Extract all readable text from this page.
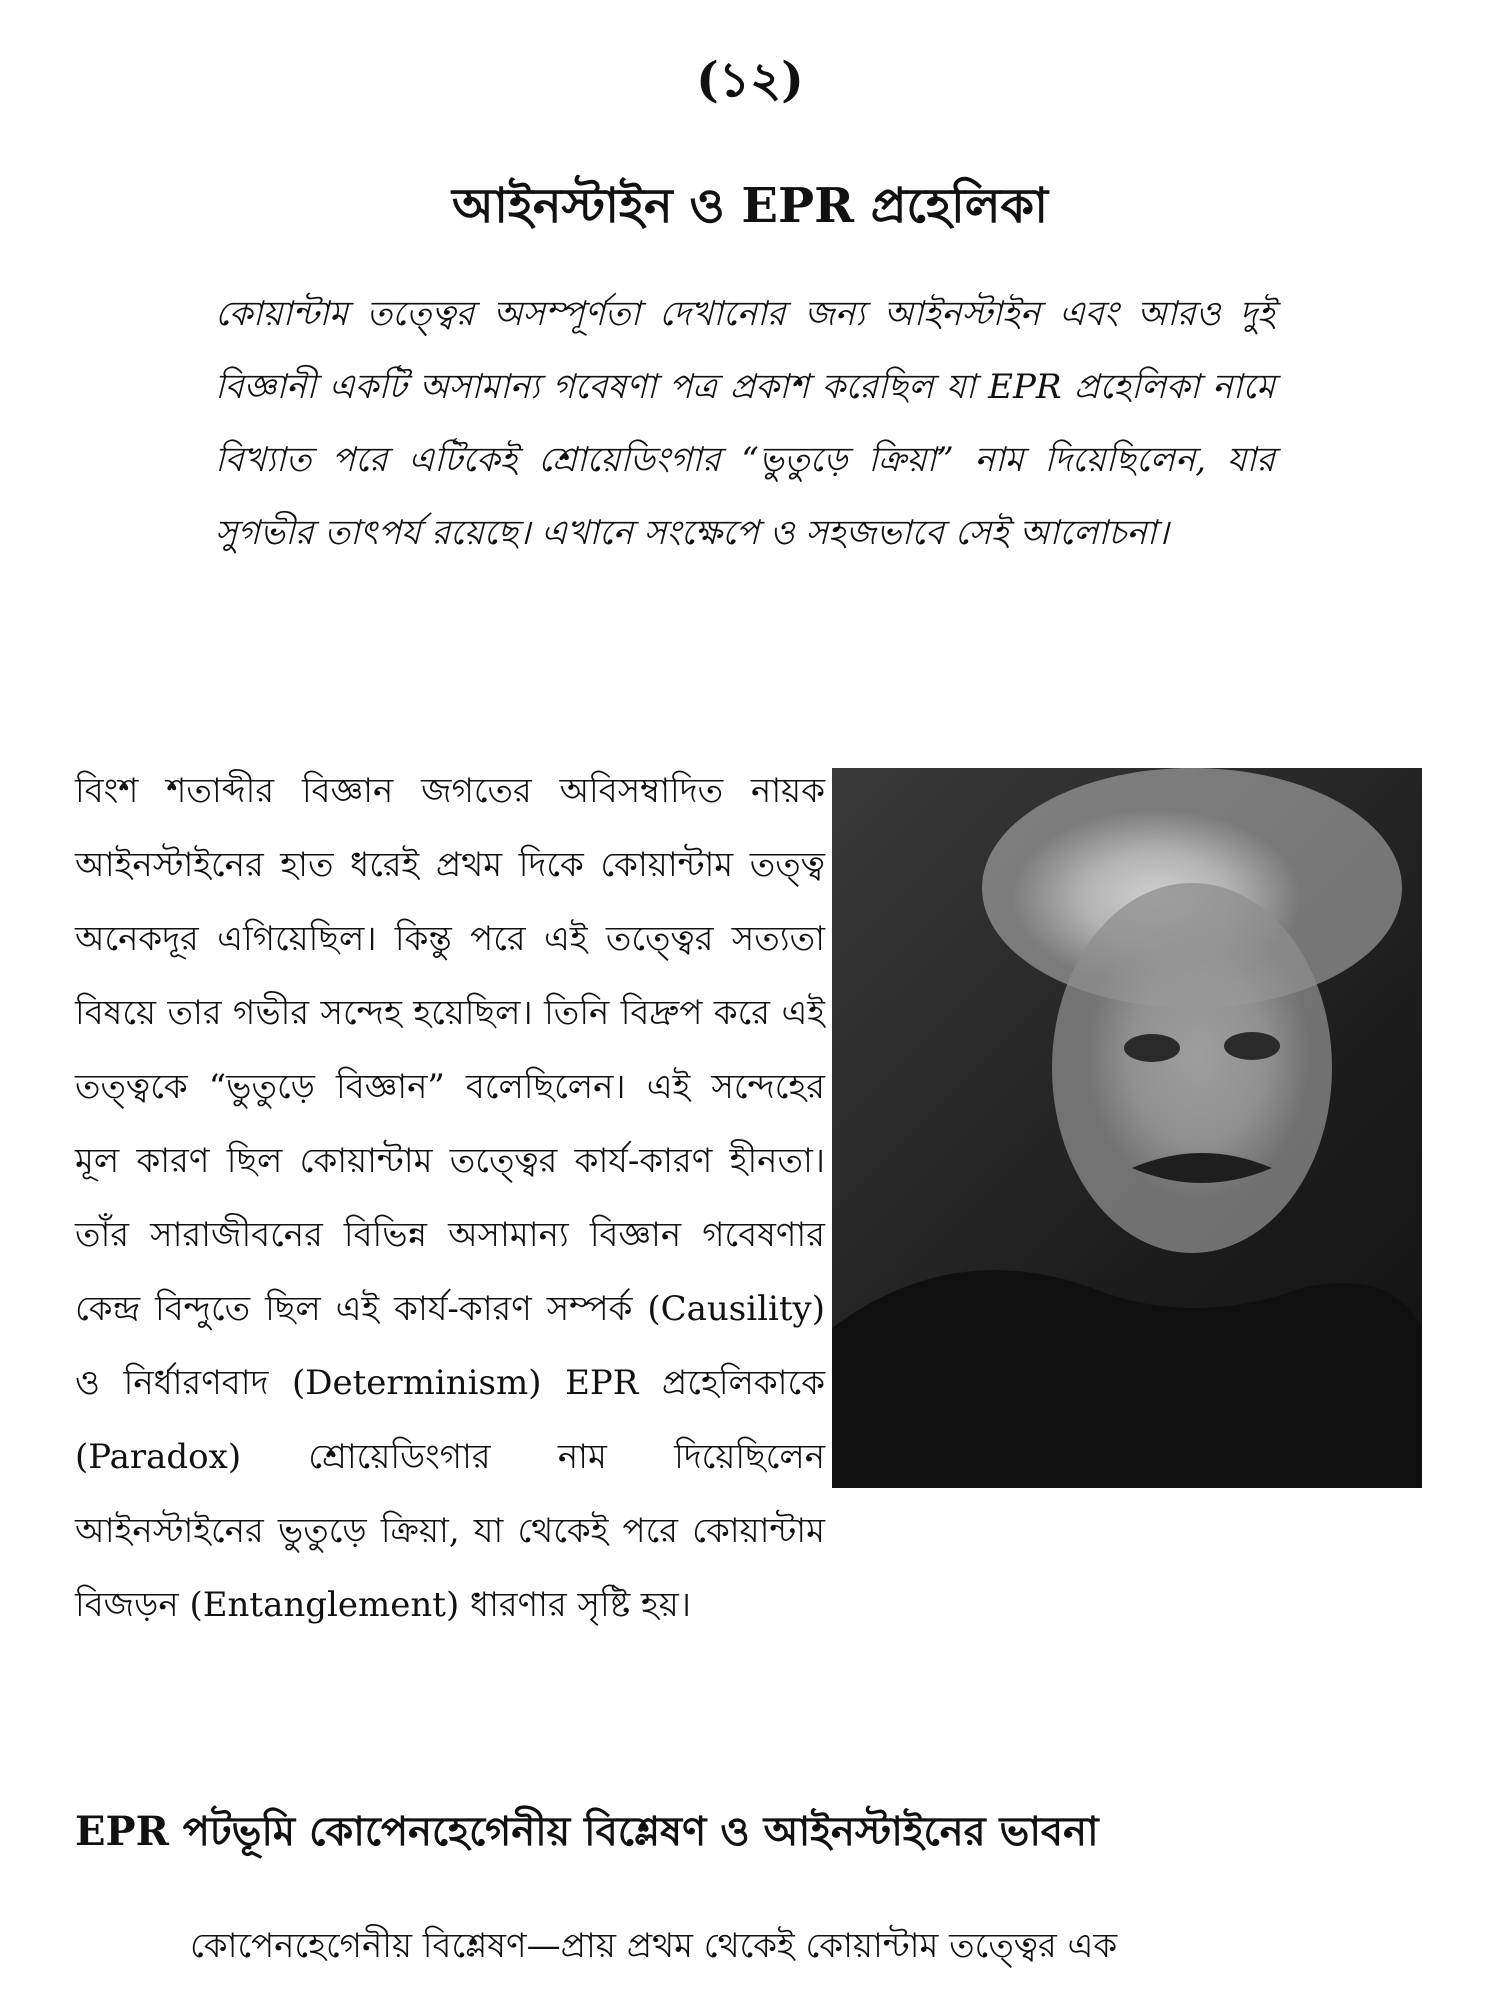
(১২)
আইনস্টাইন ও EPR প্রহেলিকা

কোয়ান্টাম তত্ত্বের অসম্পূর্ণতা দেখানোর জন্য আইনস্টাইন এবং আরও দুই বিজ্ঞানী একটি অসামান্য গবেষণা পত্র প্রকাশ করেছিল যা EPR প্রহেলিকা নামে বিখ্যাত পরে এটিকেই শ্রোয়েডিংগার “ভুতুড়ে ক্রিয়া” নাম দিয়েছিলেন, যার সুগভীর তাৎপর্য রয়েছে। এখানে সংক্ষেপে ও সহজভাবে সেই আলোচনা।

বিংশ শতাব্দীর বিজ্ঞান জগতের অবিসম্বাদিত নায়ক আইনস্টাইনের হাত ধরেই প্রথম দিকে কোয়ান্টাম তত্ত্ব অনেকদূর এগিয়েছিল। কিন্তু পরে এই তত্ত্বের সত্যতা বিষয়ে তার গভীর সন্দেহ হয়েছিল। তিনি বিদ্রুপ করে এই তত্ত্বকে “ভুতুড়ে বিজ্ঞান” বলেছিলেন। এই সন্দেহের মূল কারণ ছিল কোয়ান্টাম তত্ত্বের কার্য-কারণ হীনতা। তাঁর সারাজীবনের বিভিন্ন অসামান্য বিজ্ঞান গবেষণার কেন্দ্র বিন্দুতে ছিল এই কার্য-কারণ সম্পর্ক (Causility) ও নির্ধারণবাদ (Determinism) EPR প্রহেলিকাকে (Paradox) শ্রোয়েডিংগার নাম দিয়েছিলেন আইনস্টাইনের ভুতুড়ে ক্রিয়া, যা থেকেই পরে কোয়ান্টাম বিজড়ন (Entanglement) ধারণার সৃষ্টি হয়।

EPR পটভূমি কোপেনহেগেনীয় বিশ্লেষণ ও আইনস্টাইনের ভাবনা
কোপেনহেগেনীয় বিশ্লেষণ—প্রায় প্রথম থেকেই কোয়ান্টাম তত্ত্বের এক
